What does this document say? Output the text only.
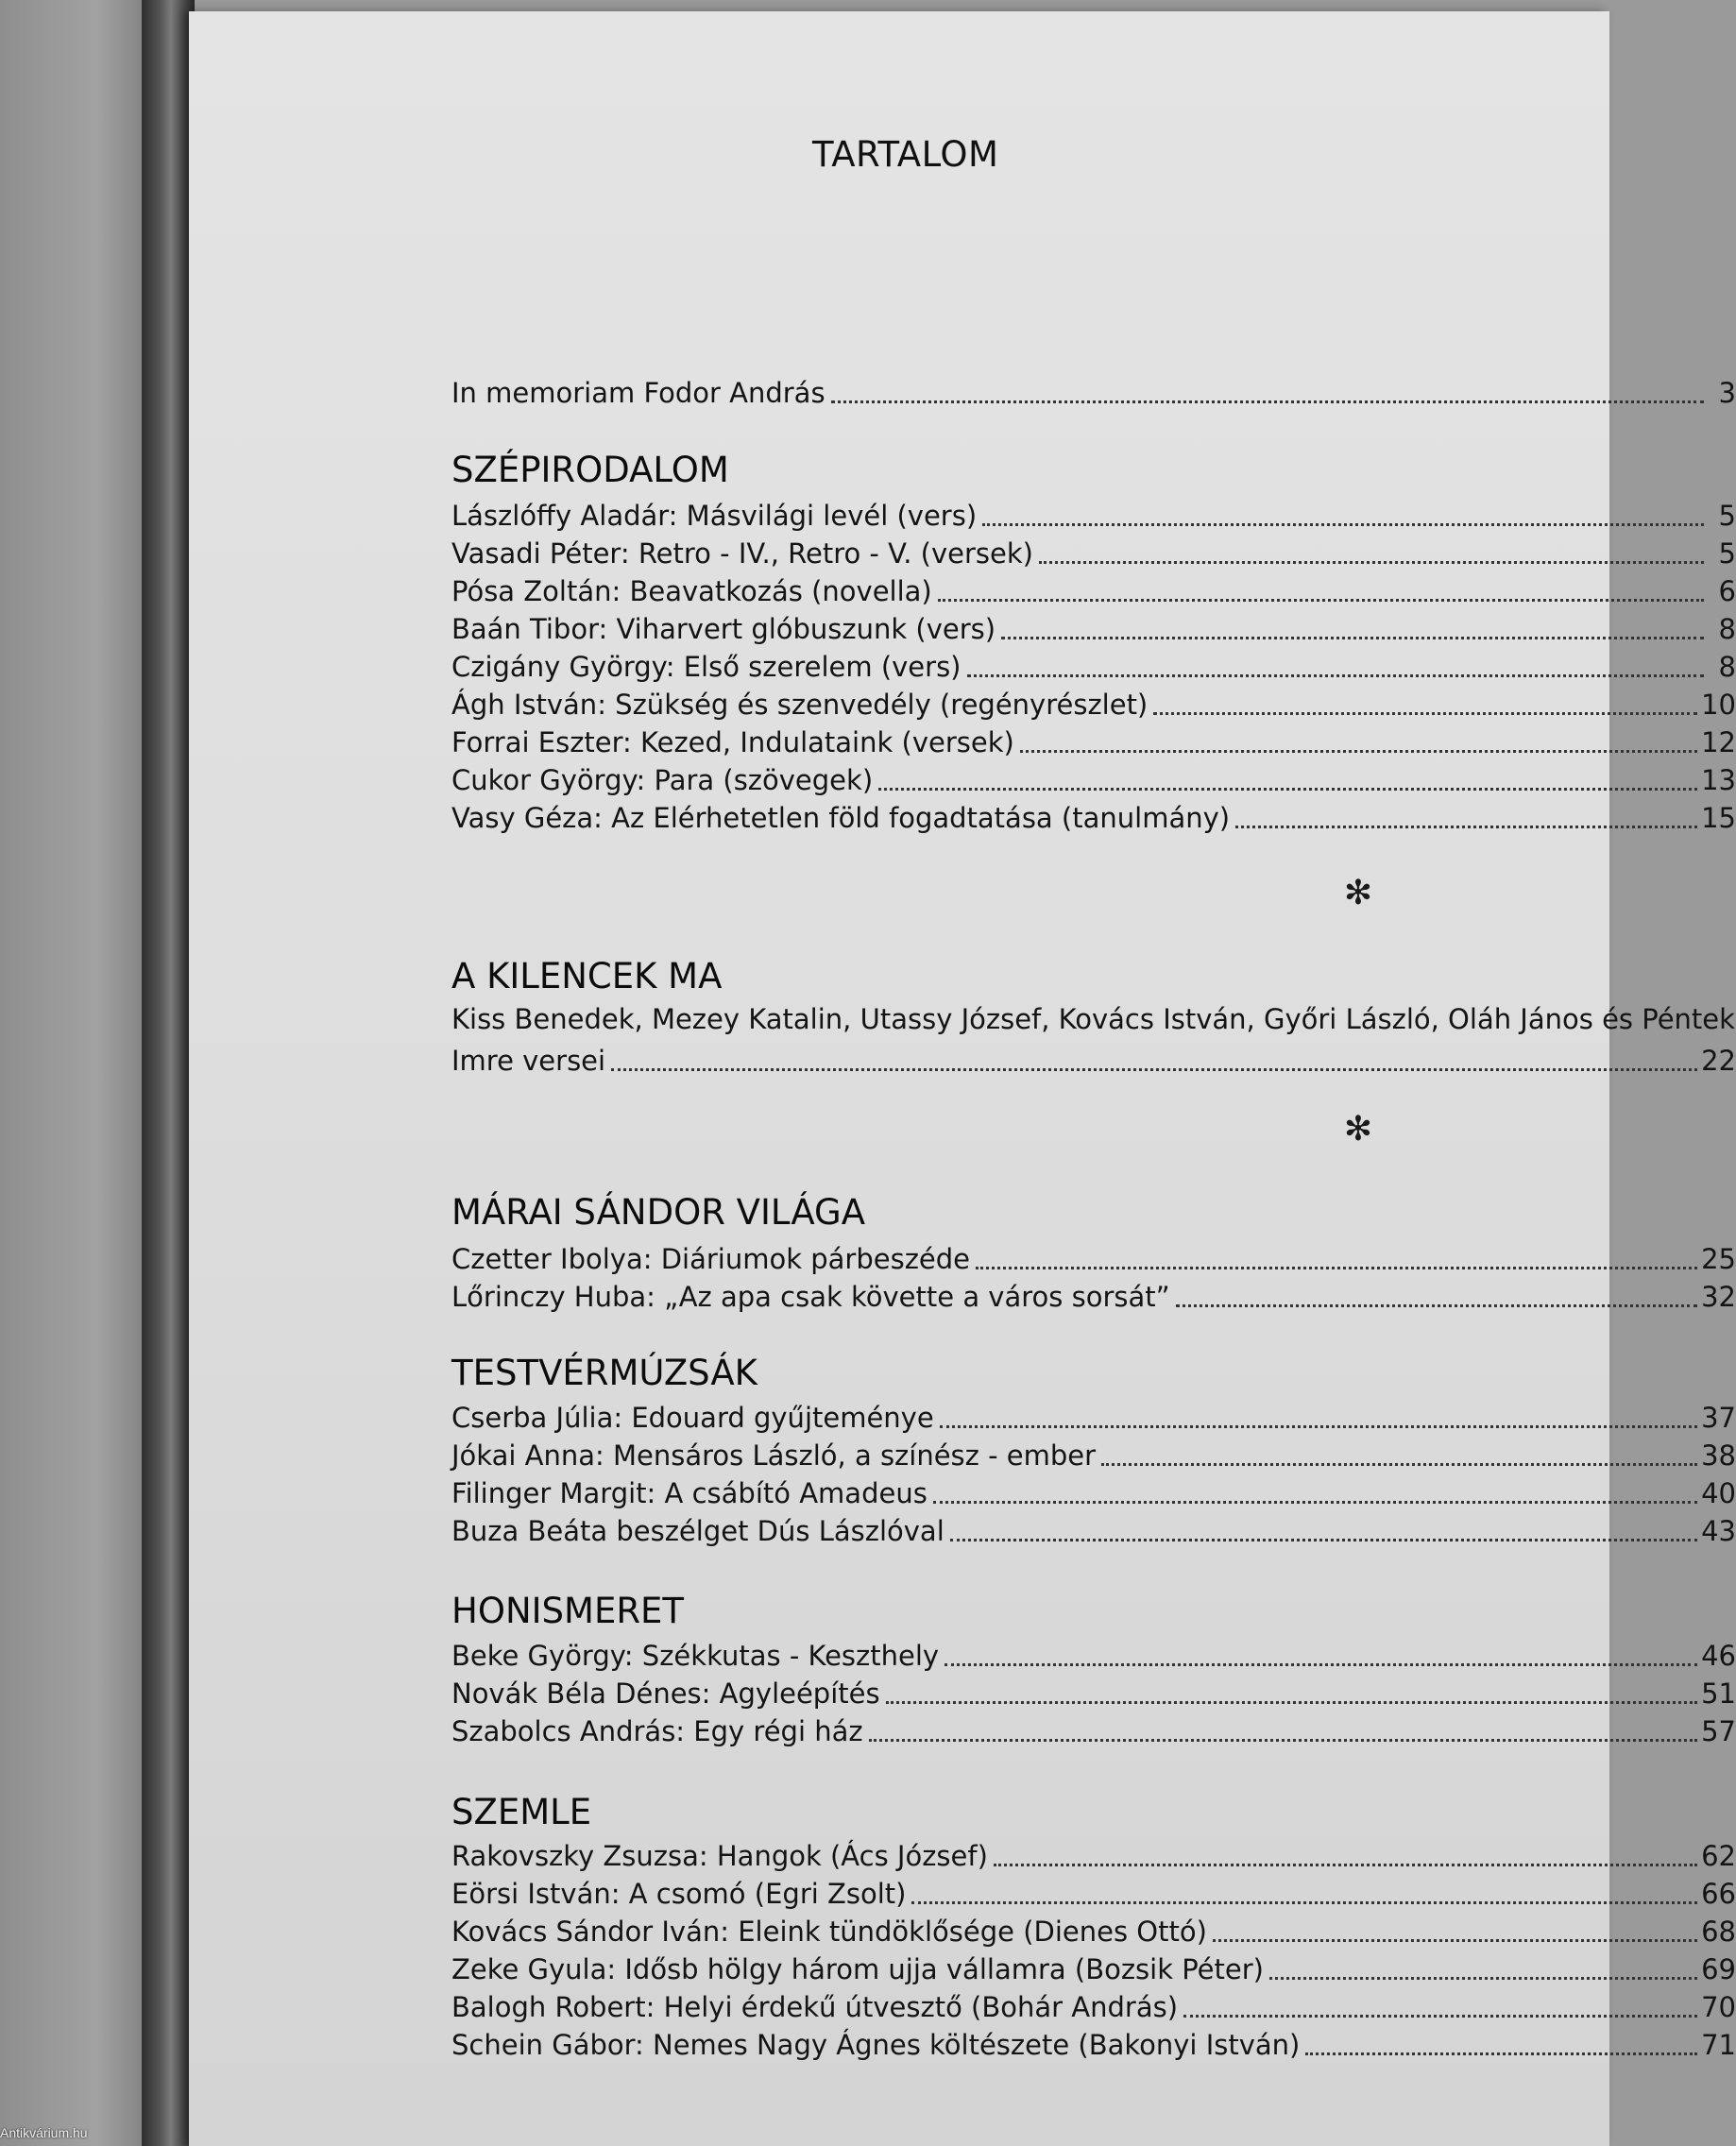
TARTALOM
In memoriam Fodor András	3
SZÉPIRODALOM
Lászlóffy Aladár: Másvilági levél (vers)	5
Vasadi Péter: Retro - IV., Retro - V. (versek)	5
Pósa Zoltán: Beavatkozás (novella)	6
Baán Tibor: Viharvert glóbuszunk (vers)	8
Czigány György: Első szerelem (vers)	8
Ágh István: Szükség és szenvedély (regényrészlet)	10
Forrai Eszter: Kezed, Indulataink (versek)	12
Cukor György: Para (szövegek)	13
Vasy Géza: Az Elérhetetlen föld fogadtatása (tanulmány)	15
✻
A KILENCEK MA
Kiss Benedek, Mezey Katalin, Utassy József, Kovács István, Győri László, Oláh János és Péntek
Imre versei	22
✻
MÁRAI SÁNDOR VILÁGA
Czetter Ibolya: Diáriumok párbeszéde	25
Lőrinczy Huba: „Az apa csak követte a város sorsát”	32
TESTVÉRMÚZSÁK
Cserba Júlia: Edouard gyűjteménye	37
Jókai Anna: Mensáros László, a színész - ember	38
Filinger Margit: A csábító Amadeus	40
Buza Beáta beszélget Dús Lászlóval	43
HONISMERET
Beke György: Székkutas - Keszthely	46
Novák Béla Dénes: Agyleépítés	51
Szabolcs András: Egy régi ház	57
SZEMLE
Rakovszky Zsuzsa: Hangok (Ács József)	62
Eörsi István: A csomó (Egri Zsolt)	66
Kovács Sándor Iván: Eleink tündöklősége (Dienes Ottó)	68
Zeke Gyula: Idősb hölgy három ujja vállamra (Bozsik Péter)	69
Balogh Robert: Helyi érdekű útvesztő (Bohár András)	70
Schein Gábor: Nemes Nagy Ágnes költészete (Bakonyi István)	71
Antikvárium.hu
